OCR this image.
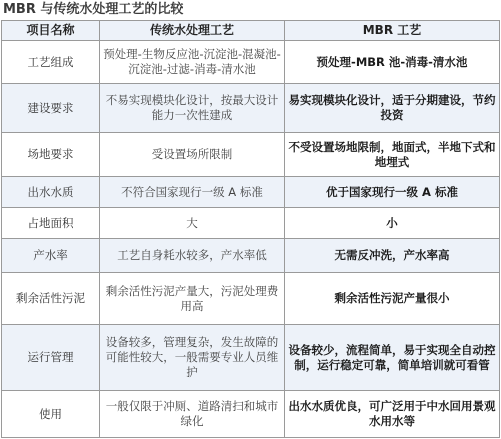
MBR 与传统水处理工艺的比较
项目名称	传统水处理工艺	MBR 工艺
工艺组成	预处理-生物反应池-沉淀池-混凝池-沉淀池-过滤-消毒-清水池	预处理-MBR 池-消毒-清水池
建设要求	不易实现模块化设计，按最大设计能力一次性建成	易实现模块化设计，适于分期建设，节约投资
场地要求	受设置场所限制	不受设置场地限制，地面式，半地下式和地埋式
出水水质	不符合国家现行一级 A 标准	优于国家现行一级 A 标准
占地面积	大	小
产水率	工艺自身耗水较多，产水率低	无需反冲洗，产水率高
剩余活性污泥	剩余活性污泥产量大，污泥处理费用高	剩余活性污泥产量很小
运行管理	设备较多，管理复杂，发生故障的可能性较大，一般需要专业人员维护	设备较少，流程简单，易于实现全自动控制，运行稳定可靠，简单培训就可看管
使用	一般仅限于冲厕、道路清扫和城市绿化	出水水质优良，可广泛用于中水回用景观水用水等
